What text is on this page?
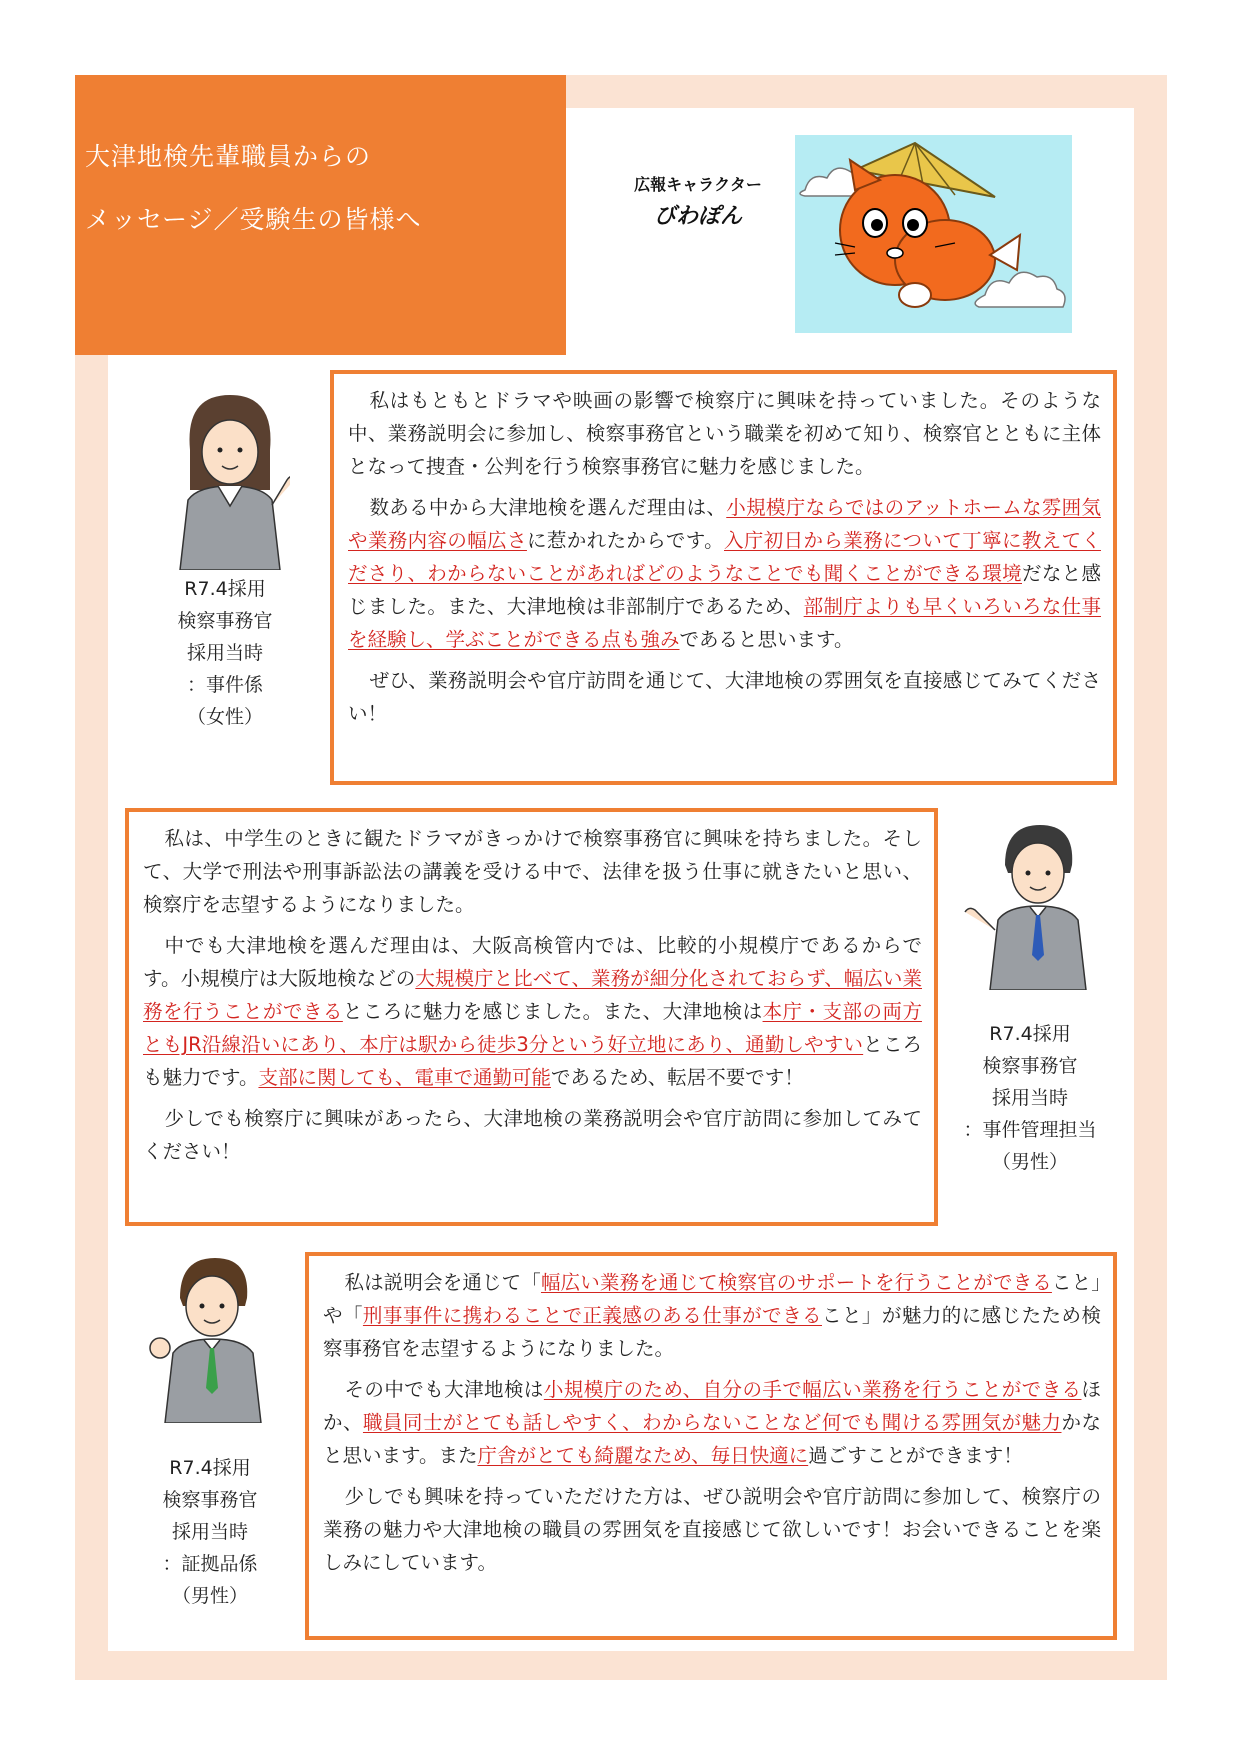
大津地検先輩職員からの
メッセージ／受験生の皆様へ
広報キャラクター
びわぽん
R7.4採用
検察事務官
採用当時
：事件係
（女性）

私はもともとドラマや映画の影響で検察庁に興味を持っていました。そのような中、業務説明会に参加し、検察事務官という職業を初めて知り、検察官とともに主体となって捜査・公判を行う検察事務官に魅力を感じました。

数ある中から大津地検を選んだ理由は、小規模庁ならではのアットホームな雰囲気や業務内容の幅広さに惹かれたからです。入庁初日から業務について丁寧に教えてくださり、わからないことがあればどのようなことでも聞くことができる環境だなと感じました。また、大津地検は非部制庁であるため、部制庁よりも早くいろいろな仕事を経験し、学ぶことができる点も強みであると思います。

ぜひ、業務説明会や官庁訪問を通じて、大津地検の雰囲気を直接感じてみてください！

私は、中学生のときに観たドラマがきっかけで検察事務官に興味を持ちました。そして、大学で刑法や刑事訴訟法の講義を受ける中で、法律を扱う仕事に就きたいと思い、検察庁を志望するようになりました。

中でも大津地検を選んだ理由は、大阪高検管内では、比較的小規模庁であるからです。小規模庁は大阪地検などの大規模庁と比べて、業務が細分化されておらず、幅広い業務を行うことができるところに魅力を感じました。また、大津地検は本庁・支部の両方ともJR沿線沿いにあり、本庁は駅から徒歩3分という好立地にあり、通勤しやすいところも魅力です。支部に関しても、電車で通勤可能であるため、転居不要です！

少しでも検察庁に興味があったら、大津地検の業務説明会や官庁訪問に参加してみてください！

R7.4採用
検察事務官
採用当時
：事件管理担当
（男性）
R7.4採用
検察事務官
採用当時
：証拠品係
（男性）

私は説明会を通じて「幅広い業務を通じて検察官のサポートを行うことができること」や「刑事事件に携わることで正義感のある仕事ができること」が魅力的に感じたため検察事務官を志望するようになりました。

その中でも大津地検は小規模庁のため、自分の手で幅広い業務を行うことができるほか、職員同士がとても話しやすく、わからないことなど何でも聞ける雰囲気が魅力かなと思います。また庁舎がとても綺麗なため、毎日快適に過ごすことができます！

少しでも興味を持っていただけた方は、ぜひ説明会や官庁訪問に参加して、検察庁の業務の魅力や大津地検の職員の雰囲気を直接感じて欲しいです！お会いできることを楽しみにしています。
